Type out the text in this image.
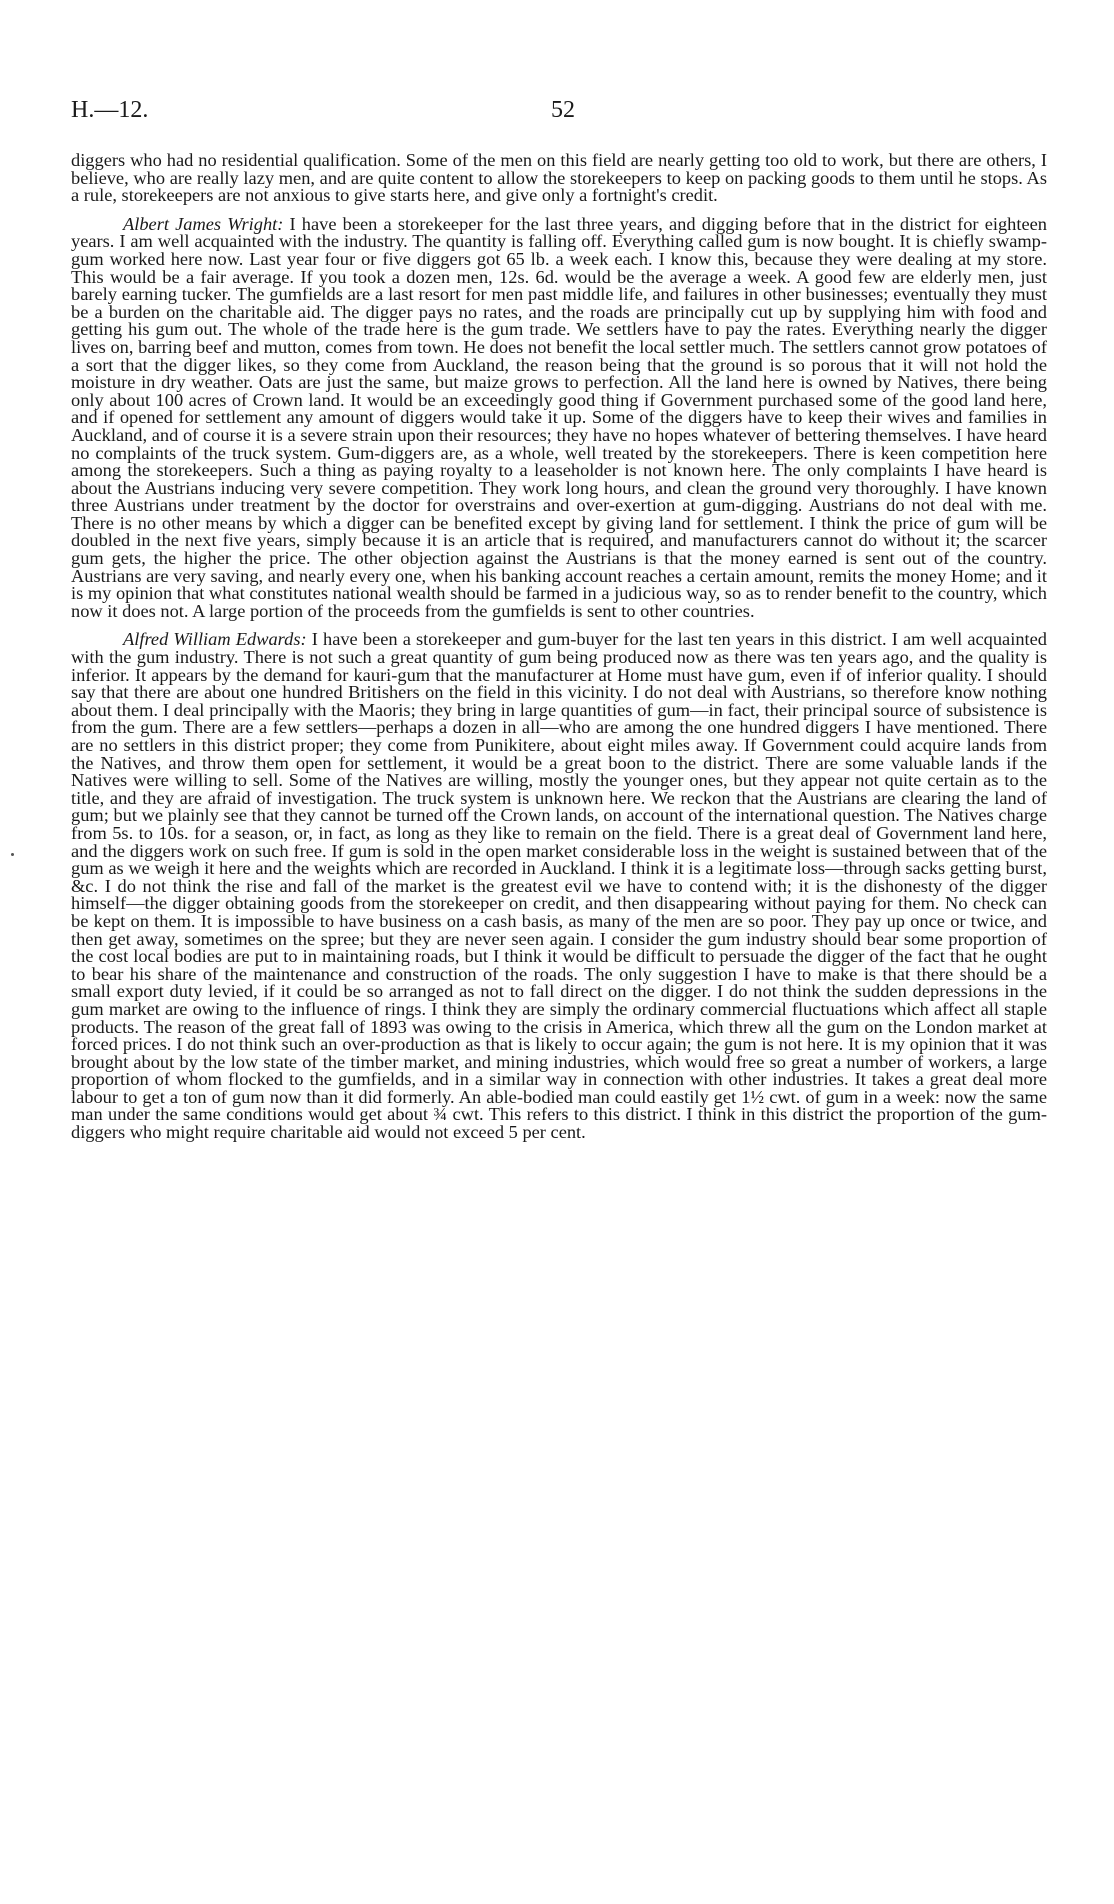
H.—12.	52

diggers who had no residential qualification. Some of the men on this field are nearly getting too old to work, but there are others, I believe, who are really lazy men, and are quite content to allow the storekeepers to keep on packing goods to them until he stops. As a rule, storekeepers are not anxious to give starts here, and give only a fortnight's credit.

Albert James Wright: I have been a storekeeper for the last three years, and digging before that in the district for eighteen years. I am well acquainted with the industry. The quantity is falling off. Everything called gum is now bought. It is chiefly swamp-gum worked here now. Last year four or five diggers got 65 lb. a week each. I know this, because they were dealing at my store. This would be a fair average. If you took a dozen men, 12s. 6d. would be the average a week. A good few are elderly men, just barely earning tucker. The gumfields are a last resort for men past middle life, and failures in other businesses; eventually they must be a burden on the charitable aid. The digger pays no rates, and the roads are principally cut up by supplying him with food and getting his gum out. The whole of the trade here is the gum trade. We settlers have to pay the rates. Everything nearly the digger lives on, barring beef and mutton, comes from town. He does not benefit the local settler much. The settlers cannot grow potatoes of a sort that the digger likes, so they come from Auckland, the reason being that the ground is so porous that it will not hold the moisture in dry weather. Oats are just the same, but maize grows to perfection. All the land here is owned by Natives, there being only about 100 acres of Crown land. It would be an exceedingly good thing if Government purchased some of the good land here, and if opened for settlement any amount of diggers would take it up. Some of the diggers have to keep their wives and families in Auckland, and of course it is a severe strain upon their resources; they have no hopes whatever of bettering themselves. I have heard no complaints of the truck system. Gum-diggers are, as a whole, well treated by the storekeepers. There is keen competition here among the storekeepers. Such a thing as paying royalty to a leaseholder is not known here. The only complaints I have heard is about the Austrians inducing very severe competition. They work long hours, and clean the ground very thoroughly. I have known three Austrians under treatment by the doctor for overstrains and over-exertion at gum-digging. Austrians do not deal with me. There is no other means by which a digger can be benefited except by giving land for settlement. I think the price of gum will be doubled in the next five years, simply because it is an article that is required, and manufacturers cannot do without it; the scarcer gum gets, the higher the price. The other objection against the Austrians is that the money earned is sent out of the country. Austrians are very saving, and nearly every one, when his banking account reaches a certain amount, remits the money Home; and it is my opinion that what constitutes national wealth should be farmed in a judicious way, so as to render benefit to the country, which now it does not. A large portion of the proceeds from the gumfields is sent to other countries.

Alfred William Edwards: I have been a storekeeper and gum-buyer for the last ten years in this district. I am well acquainted with the gum industry. There is not such a great quantity of gum being produced now as there was ten years ago, and the quality is inferior. It appears by the demand for kauri-gum that the manufacturer at Home must have gum, even if of inferior quality. I should say that there are about one hundred Britishers on the field in this vicinity. I do not deal with Austrians, so therefore know nothing about them. I deal principally with the Maoris; they bring in large quantities of gum—in fact, their principal source of subsistence is from the gum. There are a few settlers—perhaps a dozen in all—who are among the one hundred diggers I have mentioned. There are no settlers in this district proper; they come from Punikitere, about eight miles away. If Government could acquire lands from the Natives, and throw them open for settlement, it would be a great boon to the district. There are some valuable lands if the Natives were willing to sell. Some of the Natives are willing, mostly the younger ones, but they appear not quite certain as to the title, and they are afraid of investigation. The truck system is unknown here. We reckon that the Austrians are clearing the land of gum; but we plainly see that they cannot be turned off the Crown lands, on account of the international question. The Natives charge from 5s. to 10s. for a season, or, in fact, as long as they like to remain on the field. There is a great deal of Government land here, and the diggers work on such free. If gum is sold in the open market considerable loss in the weight is sustained between that of the gum as we weigh it here and the weights which are recorded in Auckland. I think it is a legitimate loss—through sacks getting burst, &c. I do not think the rise and fall of the market is the greatest evil we have to contend with; it is the dishonesty of the digger himself—the digger obtaining goods from the storekeeper on credit, and then disappearing without paying for them. No check can be kept on them. It is impossible to have business on a cash basis, as many of the men are so poor. They pay up once or twice, and then get away, sometimes on the spree; but they are never seen again. I consider the gum industry should bear some proportion of the cost local bodies are put to in maintaining roads, but I think it would be difficult to persuade the digger of the fact that he ought to bear his share of the maintenance and construction of the roads. The only suggestion I have to make is that there should be a small export duty levied, if it could be so arranged as not to fall direct on the digger. I do not think the sudden depressions in the gum market are owing to the influence of rings. I think they are simply the ordinary commercial fluctuations which affect all staple products. The reason of the great fall of 1893 was owing to the crisis in America, which threw all the gum on the London market at forced prices. I do not think such an over-production as that is likely to occur again; the gum is not here. It is my opinion that it was brought about by the low state of the timber market, and mining industries, which would free so great a number of workers, a large proportion of whom flocked to the gumfields, and in a similar way in connection with other industries. It takes a great deal more labour to get a ton of gum now than it did formerly. An able-bodied man could eastily get 1½ cwt. of gum in a week: now the same man under the same conditions would get about ¾ cwt. This refers to this district. I think in this district the proportion of the gum-diggers who might require charitable aid would not exceed 5 per cent.
